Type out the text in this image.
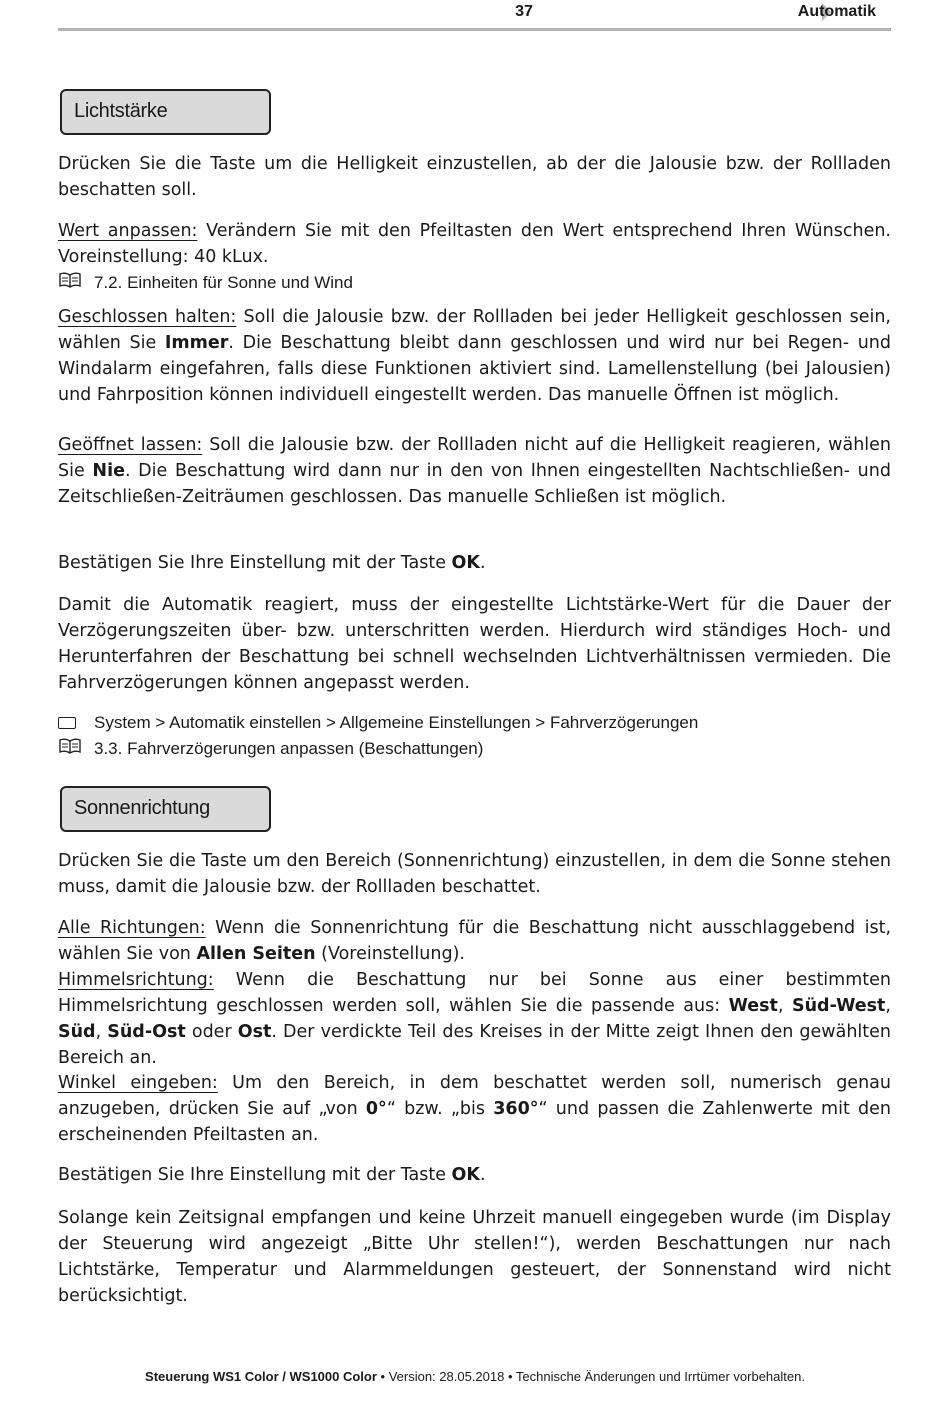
37	Automatik
Lichtstärke
Drücken Sie die Taste um die Helligkeit einzustellen, ab der die Jalousie bzw. der Rollladen beschatten soll.
Wert anpassen: Verändern Sie mit den Pfeiltasten den Wert entsprechend Ihren Wünschen. Voreinstellung: 40 kLux.
7.2. Einheiten für Sonne und Wind
Geschlossen halten: Soll die Jalousie bzw. der Rollladen bei jeder Helligkeit geschlossen sein, wählen Sie Immer. Die Beschattung bleibt dann geschlossen und wird nur bei Regen- und Windalarm eingefahren, falls diese Funktionen aktiviert sind. Lamellenstellung (bei Jalousien) und Fahrposition können individuell eingestellt werden. Das manuelle Öffnen ist möglich.
Geöffnet lassen: Soll die Jalousie bzw. der Rollladen nicht auf die Helligkeit reagieren, wählen Sie Nie. Die Beschattung wird dann nur in den von Ihnen eingestellten Nachtschließen- und Zeitschließen-Zeiträumen geschlossen. Das manuelle Schließen ist möglich.
Bestätigen Sie Ihre Einstellung mit der Taste OK.
Damit die Automatik reagiert, muss der eingestellte Lichtstärke-Wert für die Dauer der Verzögerungszeiten über- bzw. unterschritten werden. Hierdurch wird ständiges Hoch- und Herunterfahren der Beschattung bei schnell wechselnden Lichtverhältnissen vermieden. Die Fahrverzögerungen können angepasst werden.
System > Automatik einstellen > Allgemeine Einstellungen > Fahrverzögerungen
3.3. Fahrverzögerungen anpassen (Beschattungen)
Sonnenrichtung
Drücken Sie die Taste um den Bereich (Sonnenrichtung) einzustellen, in dem die Sonne stehen muss, damit die Jalousie bzw. der Rollladen beschattet.
Alle Richtungen: Wenn die Sonnenrichtung für die Beschattung nicht ausschlaggebend ist, wählen Sie von Allen Seiten (Voreinstellung).
Himmelsrichtung: Wenn die Beschattung nur bei Sonne aus einer bestimmten Himmelsrichtung geschlossen werden soll, wählen Sie die passende aus: West, Süd-West, Süd, Süd-Ost oder Ost. Der verdickte Teil des Kreises in der Mitte zeigt Ihnen den gewählten Bereich an.
Winkel eingeben: Um den Bereich, in dem beschattet werden soll, numerisch genau anzugeben, drücken Sie auf „von 0°“ bzw. „bis 360°“ und passen die Zahlenwerte mit den erscheinenden Pfeiltasten an.
Bestätigen Sie Ihre Einstellung mit der Taste OK.
Solange kein Zeitsignal empfangen und keine Uhrzeit manuell eingegeben wurde (im Display der Steuerung wird angezeigt „Bitte Uhr stellen!“), werden Beschattungen nur nach Lichtstärke, Temperatur und Alarmmeldungen gesteuert, der Sonnenstand wird nicht berücksichtigt.
Steuerung WS1 Color / WS1000 Color • Version: 28.05.2018 • Technische Änderungen und Irrtümer vorbehalten.
